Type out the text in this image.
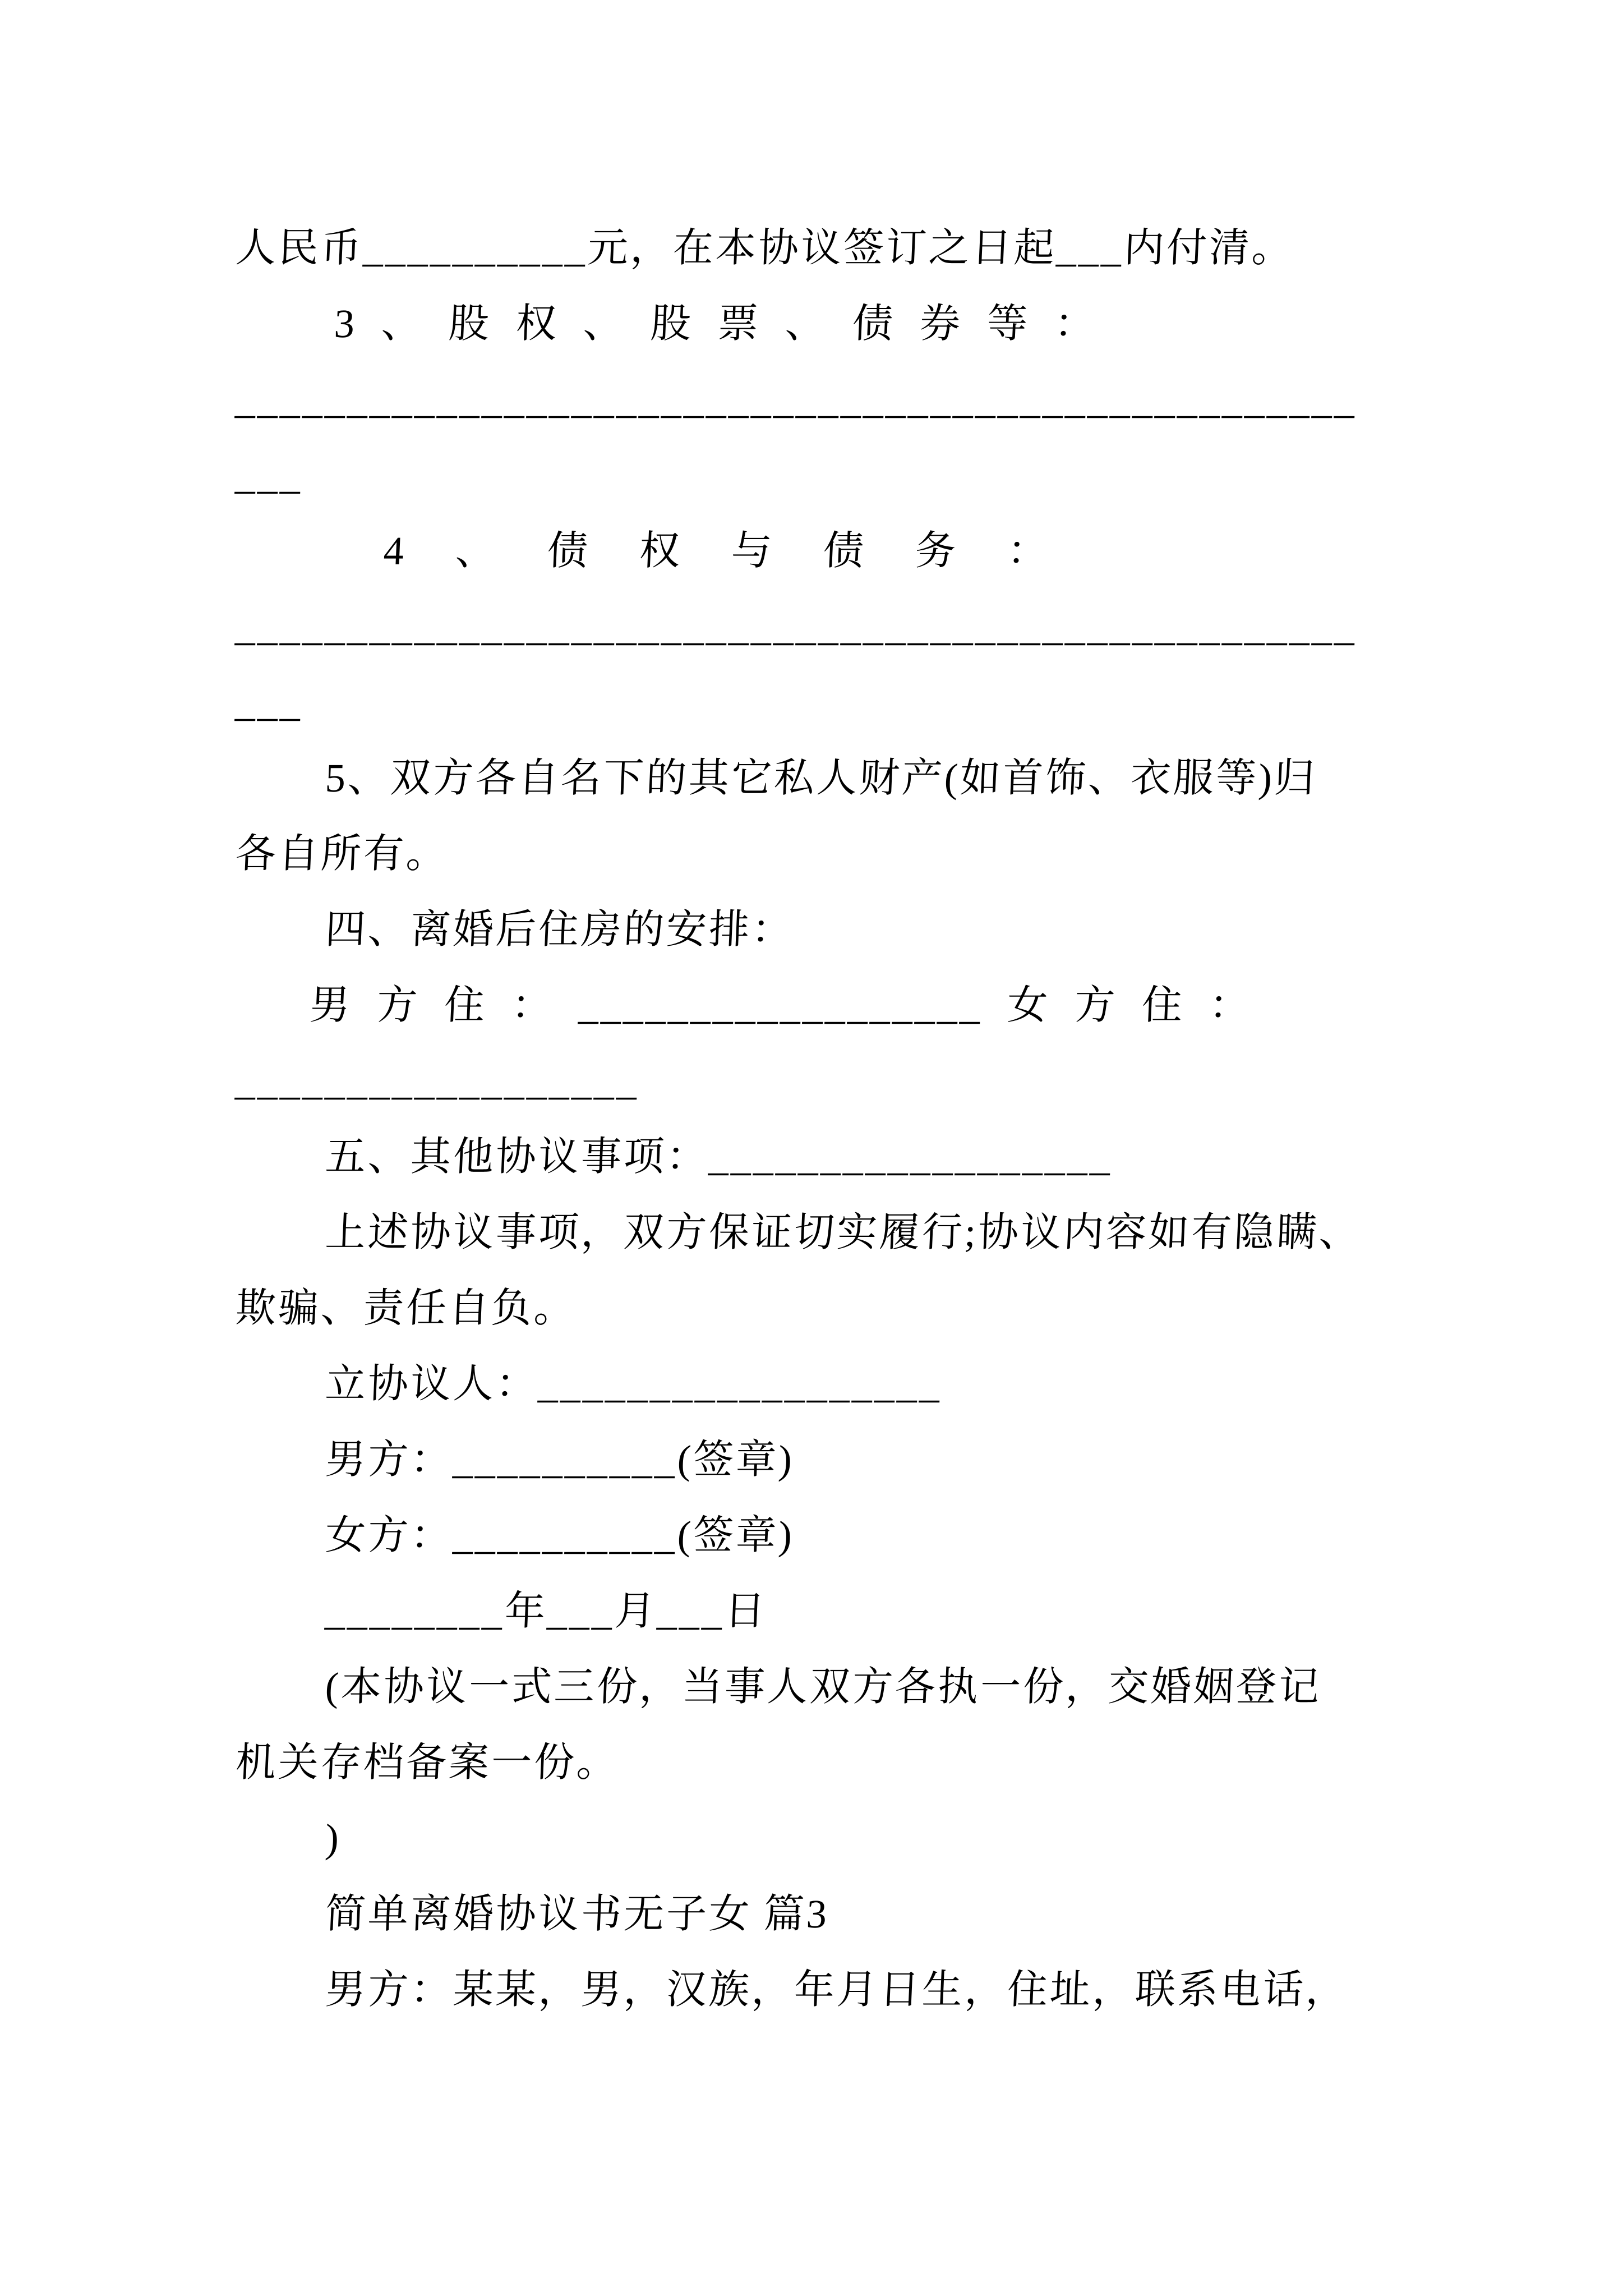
人民币__________元，在本协议签订之日起___内付清。
3  、  股  权  、  股  票  、  债  券  等  ：
__________________________________________________
___
4    、    债    权    与    债    务    ：
__________________________________________________
___
5、双方各自名下的其它私人财产(如首饰、衣服等)归
各自所有。
四、离婚后住房的安排：
男  方  住  ：  __________________  女  方  住  ：
__________________
五、其他协议事项：__________________
上述协议事项，双方保证切实履行;协议内容如有隐瞒、
欺骗、责任自负。
立协议人：__________________
男方：__________(签章)
女方：__________(签章)
________年___月___日
(本协议一式三份，当事人双方各执一份，交婚姻登记
机关存档备案一份。
)
简单离婚协议书无子女 篇3
男方：某某，男，汉族，年月日生，住址，联系电话，
